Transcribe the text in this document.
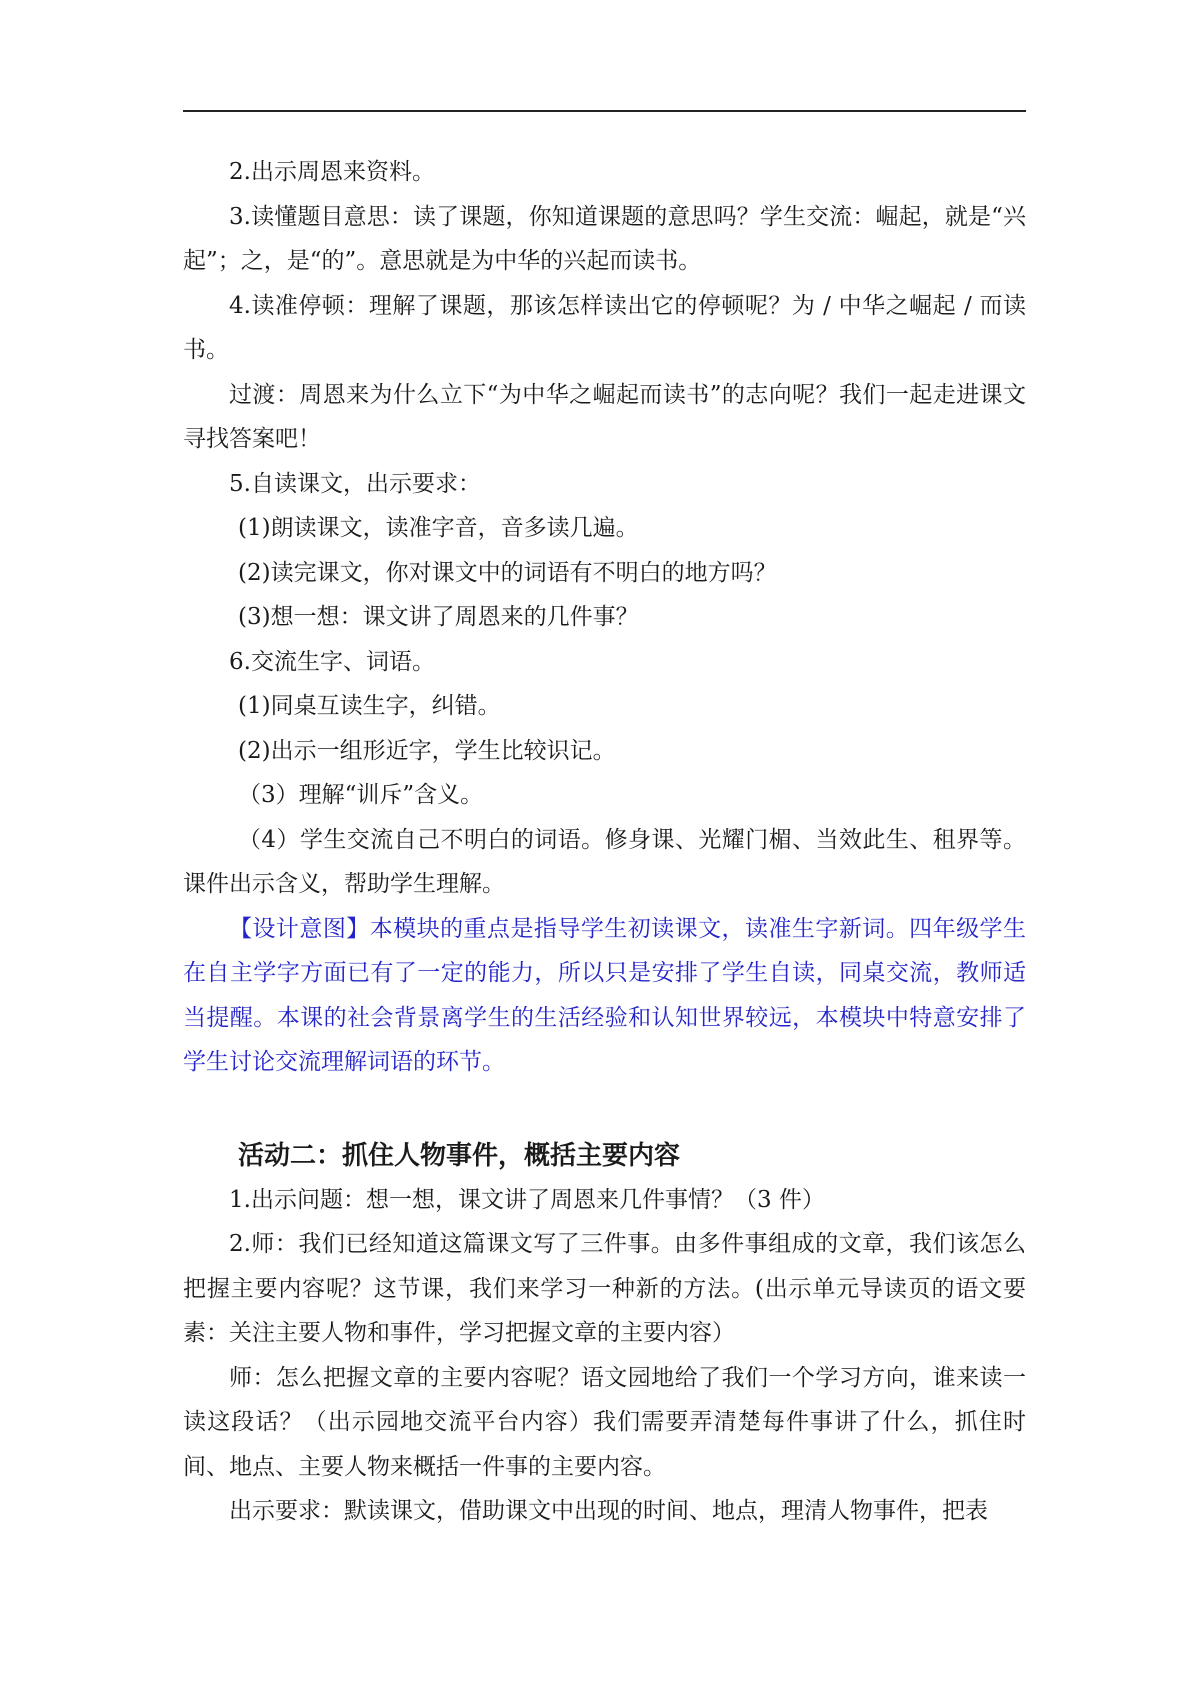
2.出示周恩来资料。

3.读懂题目意思：读了课题，你知道课题的意思吗？学生交流：崛起，就是“兴起”；之，是“的”。意思就是为中华的兴起而读书。

4.读准停顿：理解了课题，那该怎样读出它的停顿呢？为 / 中华之崛起 / 而读书。

过渡：周恩来为什么立下“为中华之崛起而读书”的志向呢？我们一起走进课文寻找答案吧！

5.自读课文，出示要求：

(1)朗读课文，读准字音，音多读几遍。

(2)读完课文，你对课文中的词语有不明白的地方吗？

(3)想一想：课文讲了周恩来的几件事？

6.交流生字、词语。

(1)同桌互读生字，纠错。

(2)出示一组形近字，学生比较识记。

（3）理解“训斥”含义。

（4）学生交流自己不明白的词语。修身课、光耀门楣、当效此生、租界等。课件出示含义，帮助学生理解。

【设计意图】本模块的重点是指导学生初读课文，读准生字新词。四年级学生在自主学字方面已有了一定的能力，所以只是安排了学生自读，同桌交流，教师适当提醒。本课的社会背景离学生的生活经验和认知世界较远，本模块中特意安排了学生讨论交流理解词语的环节。

活动二：抓住人物事件，概括主要内容

1.出示问题：想一想，课文讲了周恩来几件事情？（3 件）

2.师：我们已经知道这篇课文写了三件事。由多件事组成的文章，我们该怎么把握主要内容呢？这节课，我们来学习一种新的方法。(出示单元导读页的语文要素：关注主要人物和事件，学习把握文章的主要内容）

师：怎么把握文章的主要内容呢？语文园地给了我们一个学习方向，谁来读一读这段话？（出示园地交流平台内容）我们需要弄清楚每件事讲了什么，抓住时间、地点、主要人物来概括一件事的主要内容。

出示要求：默读课文，借助课文中出现的时间、地点，理清人物事件，把表
